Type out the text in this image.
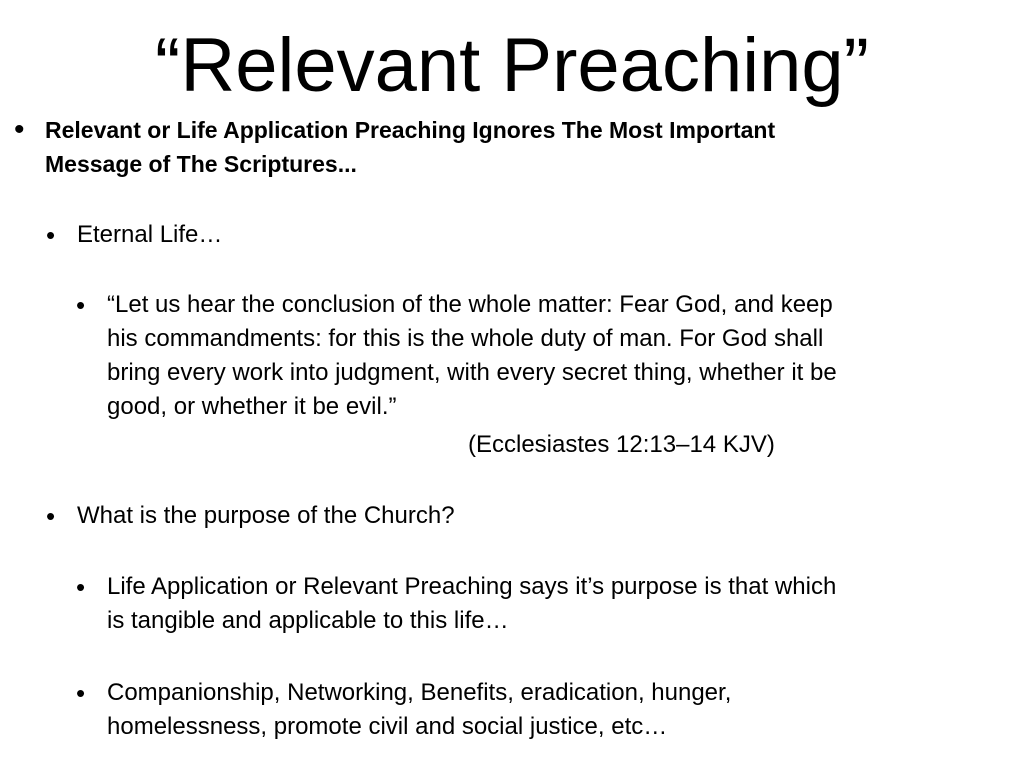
“Relevant Preaching”
• Relevant or Life Application Preaching Ignores The Most Important
Message of The Scriptures...
• Eternal Life…
• “Let us hear the conclusion of the whole matter: Fear God, and keep
his commandments: for this is the whole duty of man. For God shall
bring every work into judgment, with every secret thing, whether it be
good, or whether it be evil.”
(Ecclesiastes 12:13–14 KJV)
• What is the purpose of the Church?
• Life Application or Relevant Preaching says it’s purpose is that which
is tangible and applicable to this life…
• Companionship, Networking, Benefits, eradication, hunger,
homelessness, promote civil and social justice, etc…
